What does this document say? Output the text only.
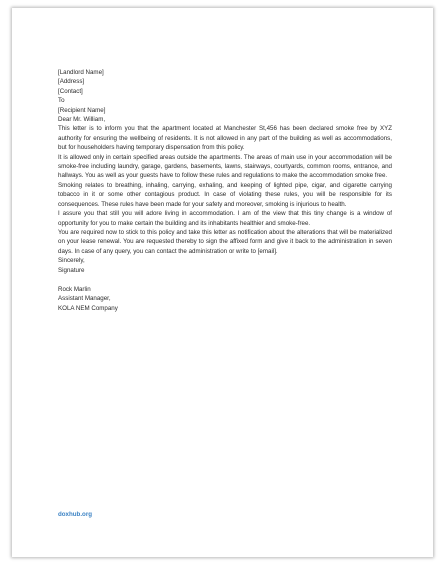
[Landlord Name]

[Address]

[Contact]

To

[Recipient Name]

Dear Mr. William,

This letter is to inform you that the apartment located at Manchester St,456 has been declared smoke free by XYZ authority for ensuring the wellbeing of residents. It is not allowed in any part of the building as well as accommodations, but for householders having temporary dispensation from this policy.

It is allowed only in certain specified areas outside the apartments. The areas of main use in your accommodation will be smoke-free including laundry, garage, gardens, basements, lawns, stairways, courtyards, common rooms, entrance, and hallways. You as well as your guests have to follow these rules and regulations to make the accommodation smoke free.

Smoking relates to breathing, inhaling, carrying, exhaling, and keeping of lighted pipe, cigar, and cigarette carrying tobacco in it or some other contagious product. In case of violating these rules, you will be responsible for its consequences. These rules have been made for your safety and moreover, smoking is injurious to health.

I assure you that still you will adore living in accommodation. I am of the view that this tiny change is a window of opportunity for you to make certain the building and its inhabitants healthier and smoke-free.

You are required now to stick to this policy and take this letter as notification about the alterations that will be materialized on your lease renewal. You are requested thereby to sign the affixed form and give it back to the administration in seven days. In case of any query, you can contact the administration or write to [email].

Sincerely,

Signature

Rock Marlin

Assistant Manager,

KOLA NEM Company

doxhub.org
